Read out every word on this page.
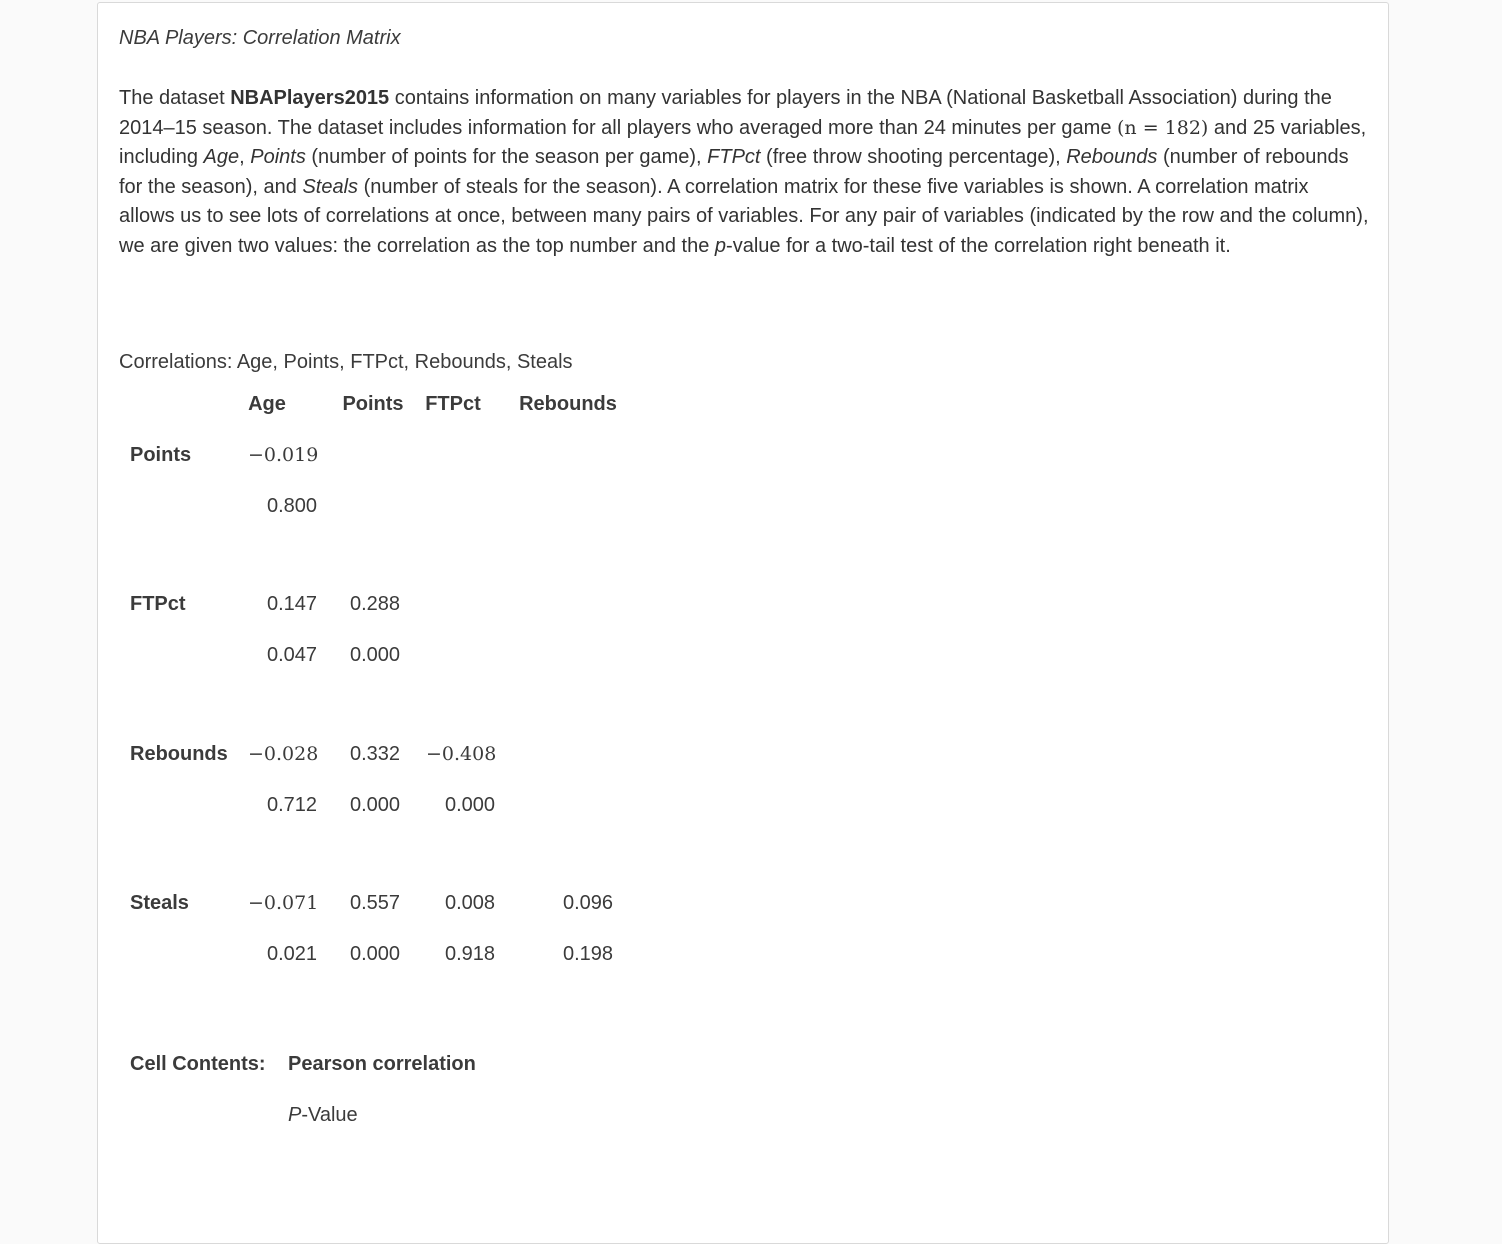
NBA Players: Correlation Matrix
The dataset NBAPlayers2015 contains information on many variables for players in the NBA (National Basketball Association) during the 2014–15 season. The dataset includes information for all players who averaged more than 24 minutes per game (n = 182) and 25 variables, including Age, Points (number of points for the season per game), FTPct (free throw shooting percentage), Rebounds (number of rebounds for the season), and Steals (number of steals for the season). A correlation matrix for these five variables is shown. A correlation matrix allows us to see lots of correlations at once, between many pairs of variables. For any pair of variables (indicated by the row and the column), we are given two values: the correlation as the top number and the p-value for a two-tail test of the correlation right beneath it.
Correlations: Age, Points, FTPct, Rebounds, Steals
Age	Points FTPct Rebounds
Points
FTPct
Rebounds
Steals
−0.019
0.800
0.147
0.047
0.288
0.000
−0.028
0.712
0.332
0.000
−0.408
0.000
−0.071
0.021
0.557
0.000
0.008
0.918
0.096
0.198
Cell Contents: Pearson correlation
P-Value
